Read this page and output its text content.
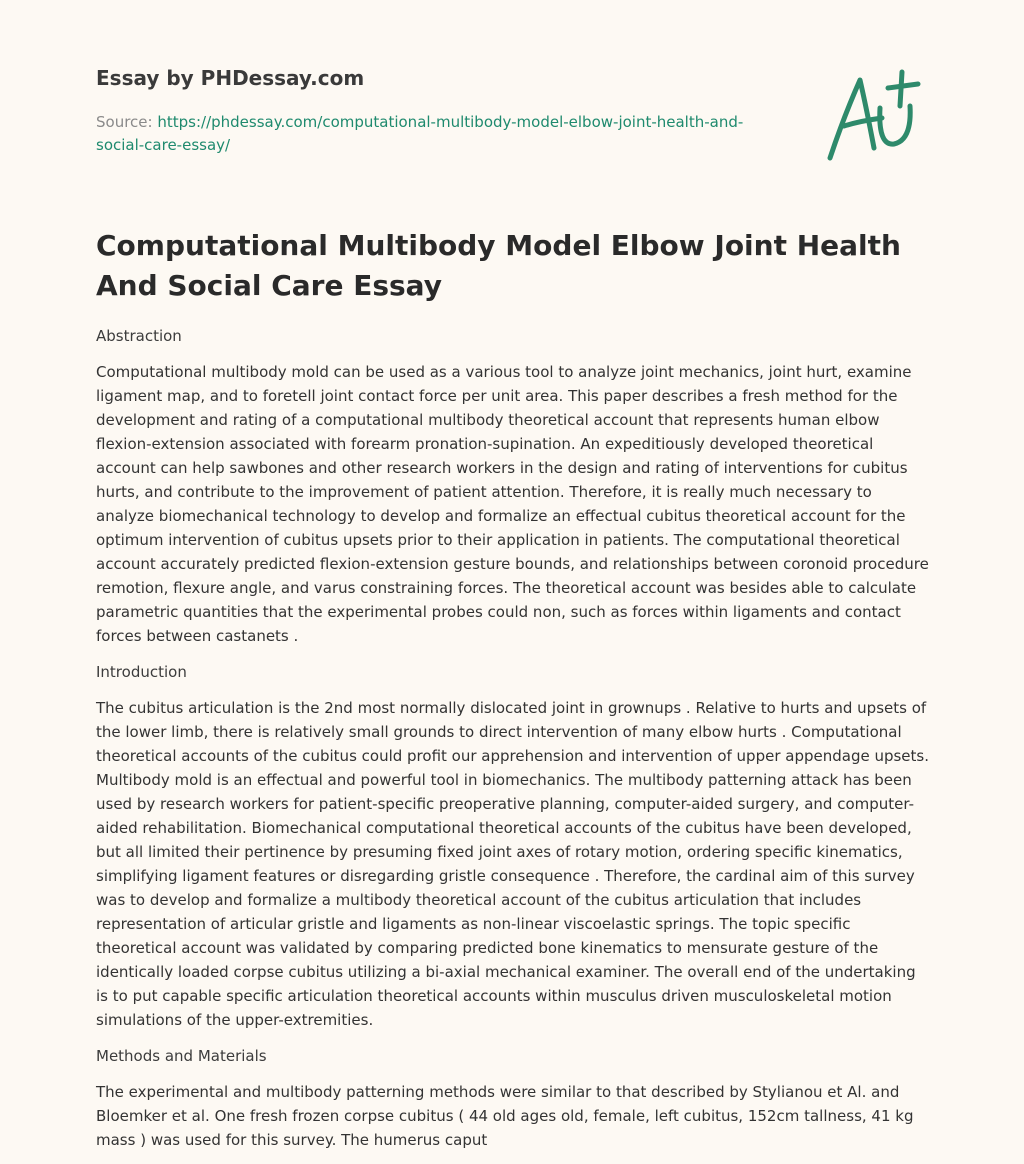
Essay by PHDessay.com

Source: https://phdessay.com/computational-multibody-model-elbow-joint-health-and-social-care-essay/
Computational Multibody Model Elbow Joint Health And Social Care Essay

Abstraction

Computational multibody mold can be used as a various tool to analyze joint mechanics, joint hurt, examine ligament map, and to foretell joint contact force per unit area. This paper describes a fresh method for the development and rating of a computational multibody theoretical account that represents human elbow flexion-extension associated with forearm pronation-supination. An expeditiously developed theoretical account can help sawbones and other research workers in the design and rating of interventions for cubitus hurts, and contribute to the improvement of patient attention. Therefore, it is really much necessary to analyze biomechanical technology to develop and formalize an effectual cubitus theoretical account for the optimum intervention of cubitus upsets prior to their application in patients. The computational theoretical account accurately predicted flexion-extension gesture bounds, and relationships between coronoid procedure remotion, flexure angle, and varus constraining forces. The theoretical account was besides able to calculate parametric quantities that the experimental probes could non, such as forces within ligaments and contact forces between castanets .

Introduction

The cubitus articulation is the 2nd most normally dislocated joint in grownups . Relative to hurts and upsets of the lower limb, there is relatively small grounds to direct intervention of many elbow hurts . Computational theoretical accounts of the cubitus could profit our apprehension and intervention of upper appendage upsets. Multibody mold is an effectual and powerful tool in biomechanics. The multibody patterning attack has been used by research workers for patient-specific preoperative planning, computer-aided surgery, and computer-aided rehabilitation. Biomechanical computational theoretical accounts of the cubitus have been developed, but all limited their pertinence by presuming fixed joint axes of rotary motion, ordering specific kinematics, simplifying ligament features or disregarding gristle consequence . Therefore, the cardinal aim of this survey was to develop and formalize a multibody theoretical account of the cubitus articulation that includes representation of articular gristle and ligaments as non-linear viscoelastic springs. The topic specific theoretical account was validated by comparing predicted bone kinematics to mensurate gesture of the identically loaded corpse cubitus utilizing a bi-axial mechanical examiner. The overall end of the undertaking is to put capable specific articulation theoretical accounts within musculus driven musculoskeletal motion simulations of the upper-extremities.

Methods and Materials

The experimental and multibody patterning methods were similar to that described by Stylianou et Al. and Bloemker et al. One fresh frozen corpse cubitus ( 44 old ages old, female, left cubitus, 152cm tallness, 41 kg mass ) was used for this survey. The humerus caput
